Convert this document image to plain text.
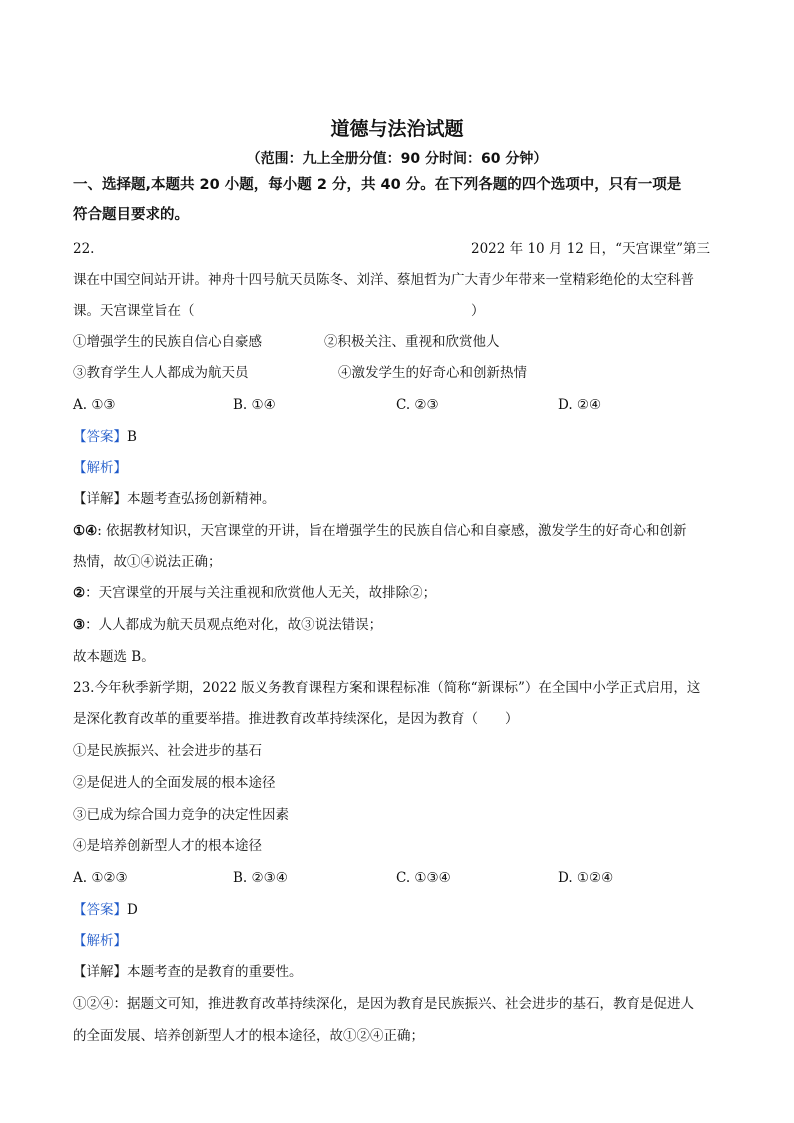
道德与法治试题
（范围：九上全册分值：90 分时间：60 分钟）
一、选择题,本题共 20 小题，每小题 2 分，共 40 分。在下列各题的四个选项中，只有一项是
符合题目要求的。
22.	2022 年 10 月 12 日，“天宫课堂”第三
课在中国空间站开讲。神舟十四号航天员陈冬、刘洋、蔡旭哲为广大青少年带来一堂精彩绝伦的太空科普
课。天宫课堂旨在（	）
①增强学生的民族自信心自豪感	②积极关注、重视和欣赏他人
③教育学生人人都成为航天员	④激发学生的好奇心和创新热情
A. ①③	B. ①④	C. ②③	D. ②④
【答案】B
【解析】
【详解】本题考查弘扬创新精神。
①④: 依据教材知识，天宫课堂的开讲，旨在增强学生的民族自信心和自豪感，激发学生的好奇心和创新
热情，故①④说法正确；
②：天宫课堂的开展与关注重视和欣赏他人无关，故排除②；
③：人人都成为航天员观点绝对化，故③说法错误；
故本题选 B。
23.今年秋季新学期，2022 版义务教育课程方案和课程标准（简称“新课标”）在全国中小学正式启用，这
是深化教育改革的重要举措。推进教育改革持续深化，是因为教育（　　）
①是民族振兴、社会进步的基石
②是促进人的全面发展的根本途径
③已成为综合国力竞争的决定性因素
④是培养创新型人才的根本途径
A. ①②③	B. ②③④	C. ①③④	D. ①②④
【答案】D
【解析】
【详解】本题考查的是教育的重要性。
①②④：据题文可知，推进教育改革持续深化，是因为教育是民族振兴、社会进步的基石，教育是促进人
的全面发展、培养创新型人才的根本途径，故①②④正确；
